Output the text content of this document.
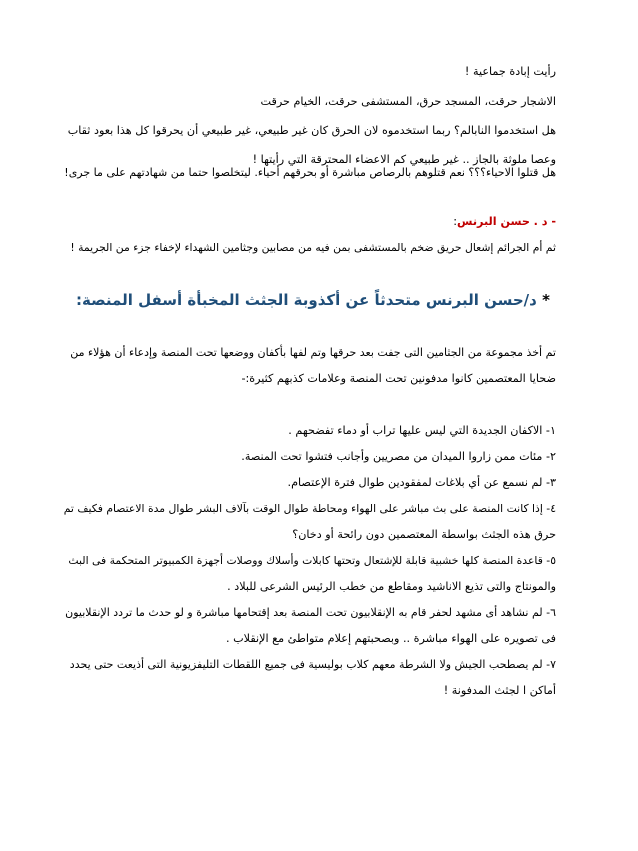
رأيت إبادة جماعية !

الاشجار حرقت، المسجد حرق، المستشفى حرقت، الخيام حرقت

هل استخدموا النابالم؟ ربما استخدموه لان الحرق كان غير طبيعي، غير طبيعي أن يحرقوا كل هذا بعود ثقاب

وعصا ملوثة بالجاز .. غير طبيعي كم الاعضاء المحترقة التي رأيتها !

هل قتلوا الاحياء؟؟؟ نعم قتلوهم بالرصاص مباشرة أو بحرقهم أحياء. ليتخلصوا حتما من شهادتهم على ما جرى!

- د . حسن البرنس:

ثم أم الجرائم إشعال حريق ضخم بالمستشفى بمن فيه من مصابين وجثامين الشهداء لإخفاء جزء من الجريمة !

* د/حسن البرنس متحدثاً عن أكذوبة الجثث المخبأة أسفل المنصة:

تم أخذ مجموعة من الجثامين التى جفت بعد حرقها وتم لفها بأكفان ووضعها تحت المنصة وإدعاء أن هؤلاء من

ضحايا المعتصمين كانوا مدفونين تحت المنصة وعلامات كذبهم كثيرة:-

١- الاكفان الجديدة التي ليس عليها تراب أو دماء تفضحهم .

٢- مئات ممن زاروا الميدان من مصريين وأجانب فتشوا تحت المنصة.

٣- لم نسمع عن أي بلاغات لمفقودين طوال فترة الإعتصام.

٤- إذا كانت المنصة على بث مباشر على الهواء ومحاطة طوال الوقت بآلاف البشر طوال مدة الاعتصام فكيف تم

حرق هذه الجثث بواسطة المعتصمين دون رائحة أو دخان؟

٥- قاعدة المنصة كلها خشبية قابلة للإشتعال وتحتها كابلات وأسلاك ووصلات أجهزة الكمبيوتر المتحكمة فى البث

والمونتاج والتى تذيع الاناشيد ومقاطع من خطب الرئيس الشرعى للبلاد .

٦- لم نشاهد أى مشهد لحفر قام به الإنقلابيون تحت المنصة بعد إقتحامها مباشرة و لو حدث ما تردد الإنقلابيون

فى تصويره على الهواء مباشرة .. وبصحبتهم إعلام متواطئ مع الإنقلاب .

٧- لم يصطحب الجيش ولا الشرطة معهم كلاب بوليسية فى جميع اللقطات التليفزيونية التى أذيعت حتى يحدد

أماكن ا لجثث المدفونة !
